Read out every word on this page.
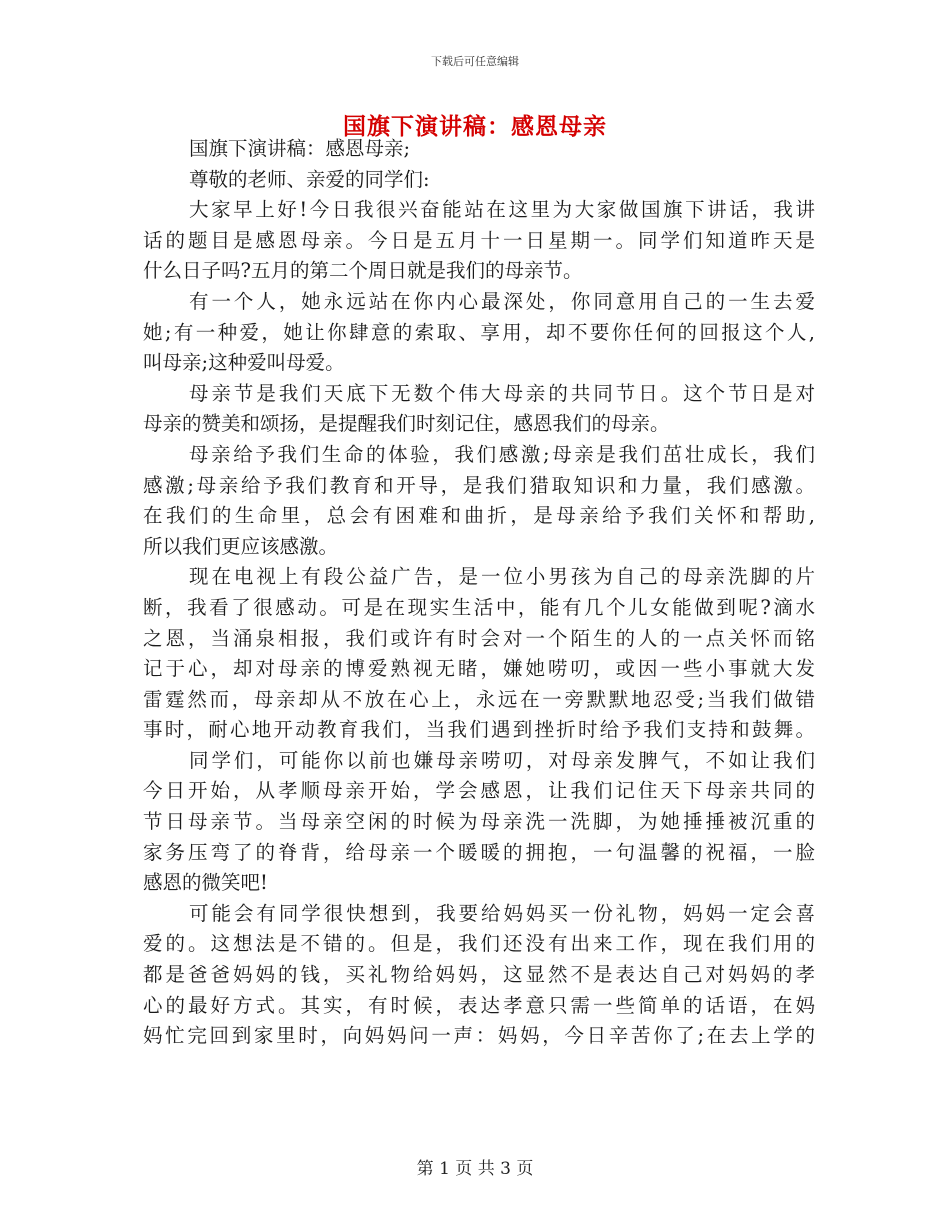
下载后可任意编辑
国旗下演讲稿：感恩母亲
国旗下演讲稿：感恩母亲;
尊敬的老师、亲爱的同学们:
大家早上好!今日我很兴奋能站在这里为大家做国旗下讲话，我讲
话的题目是感恩母亲。今日是五月十一日星期一。同学们知道昨天是
什么日子吗?五月的第二个周日就是我们的母亲节。
有一个人，她永远站在你内心最深处，你同意用自己的一生去爱
她;有一种爱，她让你肆意的索取、享用，却不要你任何的回报这个人,
叫母亲;这种爱叫母爱。
母亲节是我们天底下无数个伟大母亲的共同节日。这个节日是对
母亲的赞美和颂扬，是提醒我们时刻记住，感恩我们的母亲。
母亲给予我们生命的体验，我们感激;母亲是我们茁壮成长，我们
感激;母亲给予我们教育和开导，是我们猎取知识和力量，我们感激。
在我们的生命里，总会有困难和曲折，是母亲给予我们关怀和帮助,
所以我们更应该感激。
现在电视上有段公益广告，是一位小男孩为自己的母亲洗脚的片
断，我看了很感动。可是在现实生活中，能有几个儿女能做到呢?滴水
之恩，当涌泉相报，我们或许有时会对一个陌生的人的一点关怀而铭
记于心，却对母亲的博爱熟视无睹，嫌她唠叨，或因一些小事就大发
雷霆然而，母亲却从不放在心上，永远在一旁默默地忍受;当我们做错
事时，耐心地开动教育我们，当我们遇到挫折时给予我们支持和鼓舞。
同学们，可能你以前也嫌母亲唠叨，对母亲发脾气，不如让我们
今日开始，从孝顺母亲开始，学会感恩，让我们记住天下母亲共同的
节日母亲节。当母亲空闲的时候为母亲洗一洗脚，为她捶捶被沉重的
家务压弯了的脊背，给母亲一个暖暖的拥抱，一句温馨的祝福，一脸
感恩的微笑吧!
可能会有同学很快想到，我要给妈妈买一份礼物，妈妈一定会喜
爱的。这想法是不错的。但是，我们还没有出来工作，现在我们用的
都是爸爸妈妈的钱，买礼物给妈妈，这显然不是表达自己对妈妈的孝
心的最好方式。其实，有时候，表达孝意只需一些简单的话语，在妈
妈忙完回到家里时，向妈妈问一声：妈妈，今日辛苦你了;在去上学的
第 1 页 共 3 页
